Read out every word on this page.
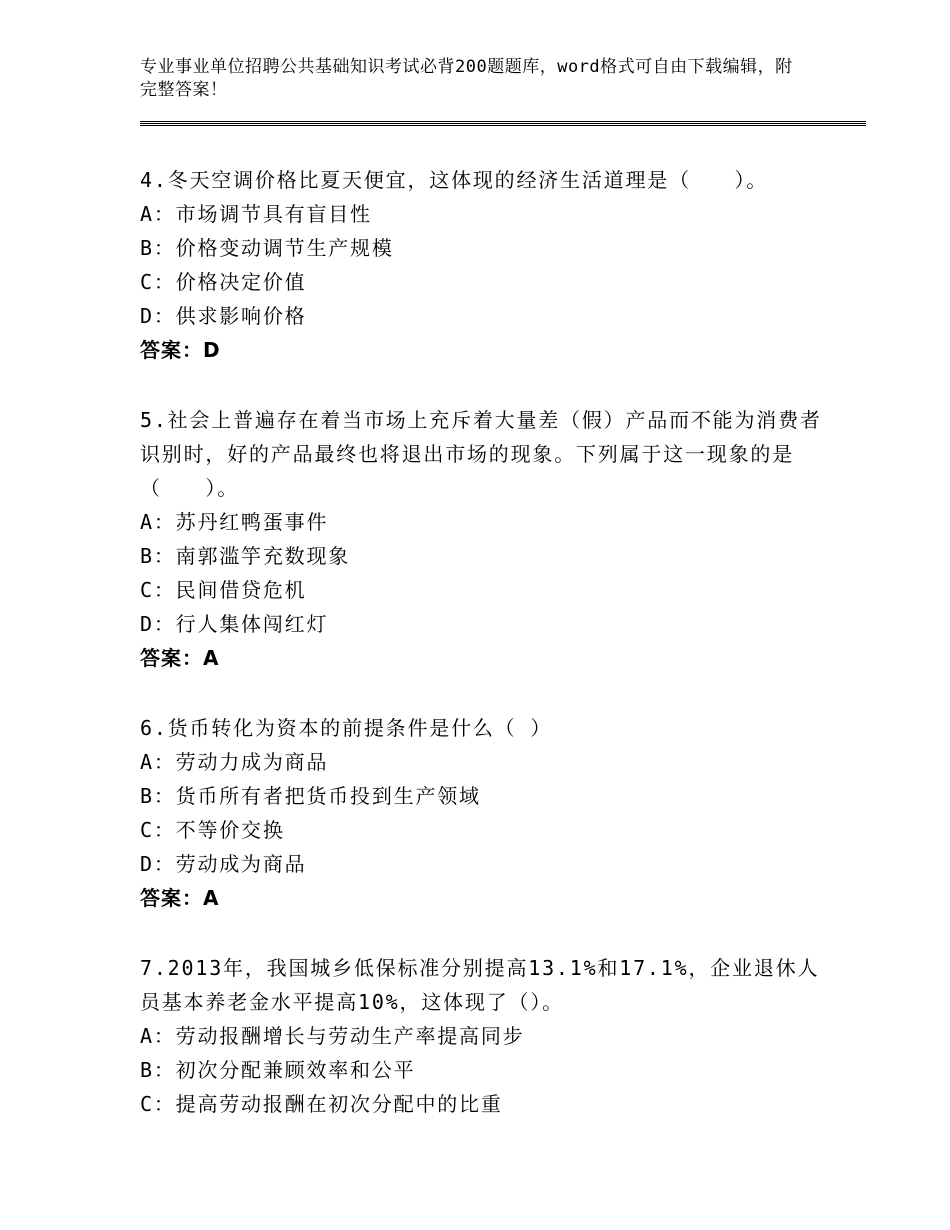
专业事业单位招聘公共基础知识考试必背200题题库，word格式可自由下载编辑，附完整答案！
4.冬天空调价格比夏天便宜，这体现的经济生活道理是（　　）。
A：市场调节具有盲目性
B：价格变动调节生产规模
C：价格决定价值
D：供求影响价格
答案：D
5.社会上普遍存在着当市场上充斥着大量差（假）产品而不能为消费者识别时，好的产品最终也将退出市场的现象。下列属于这一现象的是（　　）。
A：苏丹红鸭蛋事件
B：南郭滥竽充数现象
C：民间借贷危机
D：行人集体闯红灯
答案：A
6.货币转化为资本的前提条件是什么（ ）
A：劳动力成为商品
B：货币所有者把货币投到生产领域
C：不等价交换
D：劳动成为商品
答案：A
7.2013年，我国城乡低保标准分别提高13.1%和17.1%，企业退休人员基本养老金水平提高10%，这体现了（）。
A：劳动报酬增长与劳动生产率提高同步
B：初次分配兼顾效率和公平
C：提高劳动报酬在初次分配中的比重
